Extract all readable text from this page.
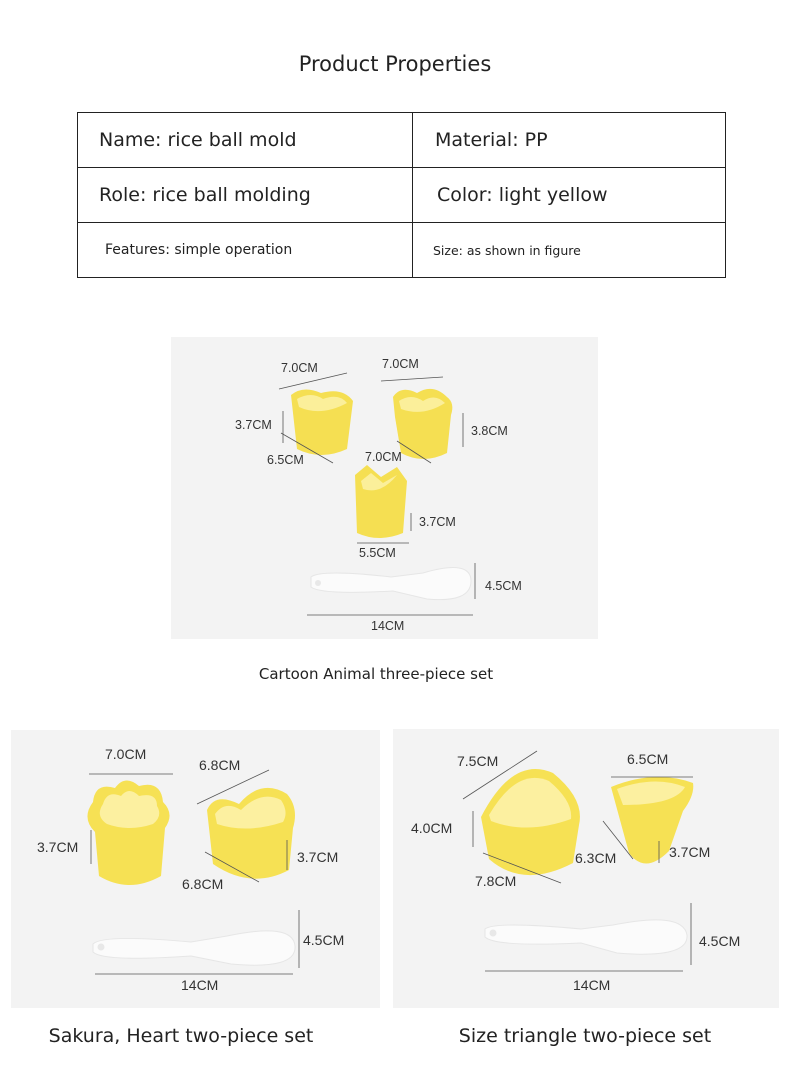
Product Properties
Name: rice ball mold	Material: PP

Role: rice ball molding	Color: light yellow

Features: simple operation	Size: as shown in figure
7.0CM
3.7CM
6.5CM
7.0CM
3.8CM
7.0CM
3.7CM
5.5CM
4.5CM
14CM
Cartoon Animal three-piece set
7.0CM
3.7CM
6.8CM
3.7CM
6.8CM
4.5CM
14CM
Sakura, Heart two-piece set
7.5CM
4.0CM
7.8CM
6.5CM
3.7CM
6.3CM
4.5CM
14CM
Size triangle two-piece set
